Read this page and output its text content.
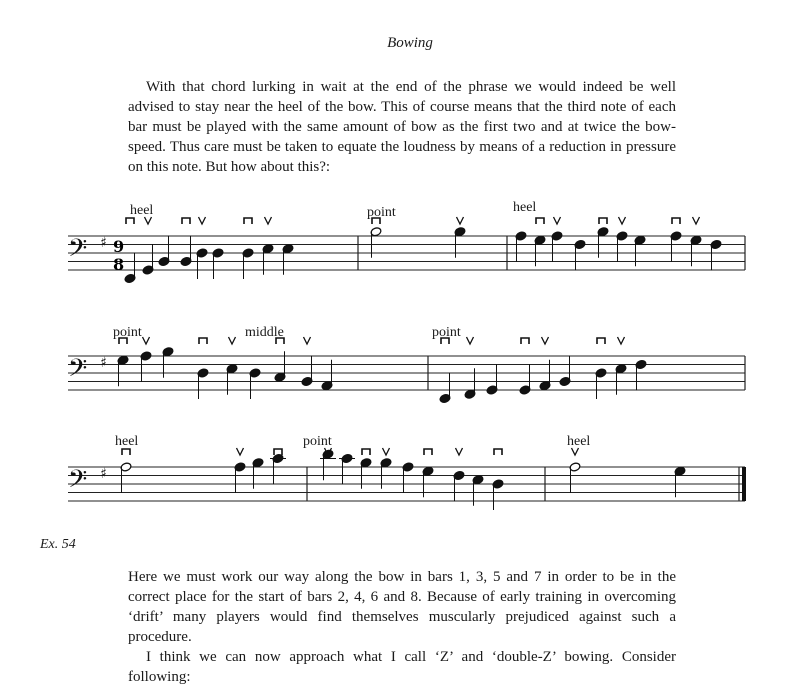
Bowing

With that chord lurking in wait at the end of the phrase we would indeed be well advised to stay near the heel of the bow. This of course means that the third note of each bar must be played with the same amount of bow as the first two and at twice the bow-speed. Thus care must be taken to equate the loudness by means of a reduction in pressure on this note. But how about this?:

𝄢 ♯ 9
8
𝄢 ♯
𝄢 ♯
heel	point	heel
point	middle	point
heel	point	heel
Ex. 54

Here we must work our way along the bow in bars 1, 3, 5 and 7 in order to be in the correct place for the start of bars 2, 4, 6 and 8. Because of early training in overcoming ‘drift’ many players would find themselves muscularly prejudiced against such a procedure.

I think we can now approach what I call ‘Z’ and ‘double-Z’ bowing. Consider following:
